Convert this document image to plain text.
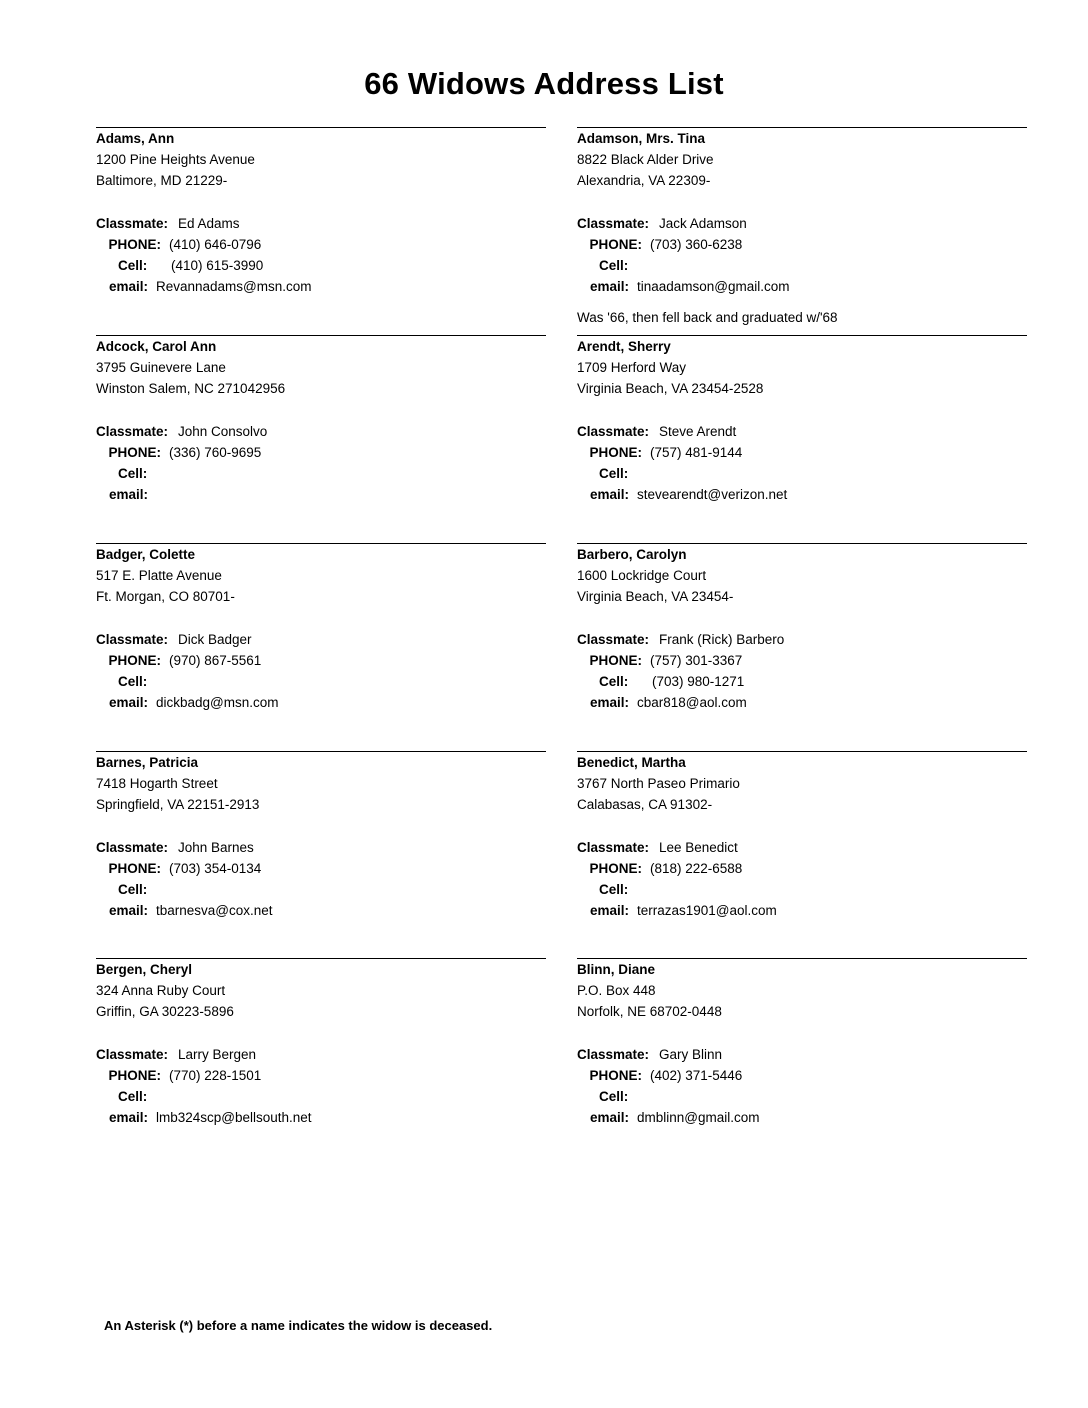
66 Widows Address List
Adams, Ann
1200 Pine Heights Avenue
Baltimore, MD 21229-
Classmate: Ed Adams
PHONE: (410) 646-0796
Cell: (410) 615-3990
email: Revannadams@msn.com
Adamson, Mrs. Tina
8822 Black Alder Drive
Alexandria, VA 22309-
Classmate: Jack Adamson
PHONE: (703) 360-6238
Cell:
email: tinaadamson@gmail.com
Was '66, then fell back and graduated w/'68
Adcock, Carol Ann
3795 Guinevere Lane
Winston Salem, NC 271042956
Classmate: John Consolvo
PHONE: (336) 760-9695
Cell:
email:
Arendt, Sherry
1709 Herford Way
Virginia Beach, VA 23454-2528
Classmate: Steve Arendt
PHONE: (757) 481-9144
Cell:
email: stevearendt@verizon.net
Badger, Colette
517 E. Platte Avenue
Ft. Morgan, CO 80701-
Classmate: Dick Badger
PHONE: (970) 867-5561
Cell:
email: dickbadg@msn.com
Barbero, Carolyn
1600 Lockridge Court
Virginia Beach, VA 23454-
Classmate: Frank (Rick) Barbero
PHONE: (757) 301-3367
Cell: (703) 980-1271
email: cbar818@aol.com
Barnes, Patricia
7418 Hogarth Street
Springfield, VA 22151-2913
Classmate: John Barnes
PHONE: (703) 354-0134
Cell:
email: tbarnesva@cox.net
Benedict, Martha
3767 North Paseo Primario
Calabasas, CA 91302-
Classmate: Lee Benedict
PHONE: (818) 222-6588
Cell:
email: terrazas1901@aol.com
Bergen, Cheryl
324 Anna Ruby Court
Griffin, GA 30223-5896
Classmate: Larry Bergen
PHONE: (770) 228-1501
Cell:
email: lmb324scp@bellsouth.net
Blinn, Diane
P.O. Box 448
Norfolk, NE 68702-0448
Classmate: Gary Blinn
PHONE: (402) 371-5446
Cell:
email: dmblinn@gmail.com
An Asterisk (*) before a name indicates the widow is deceased.
